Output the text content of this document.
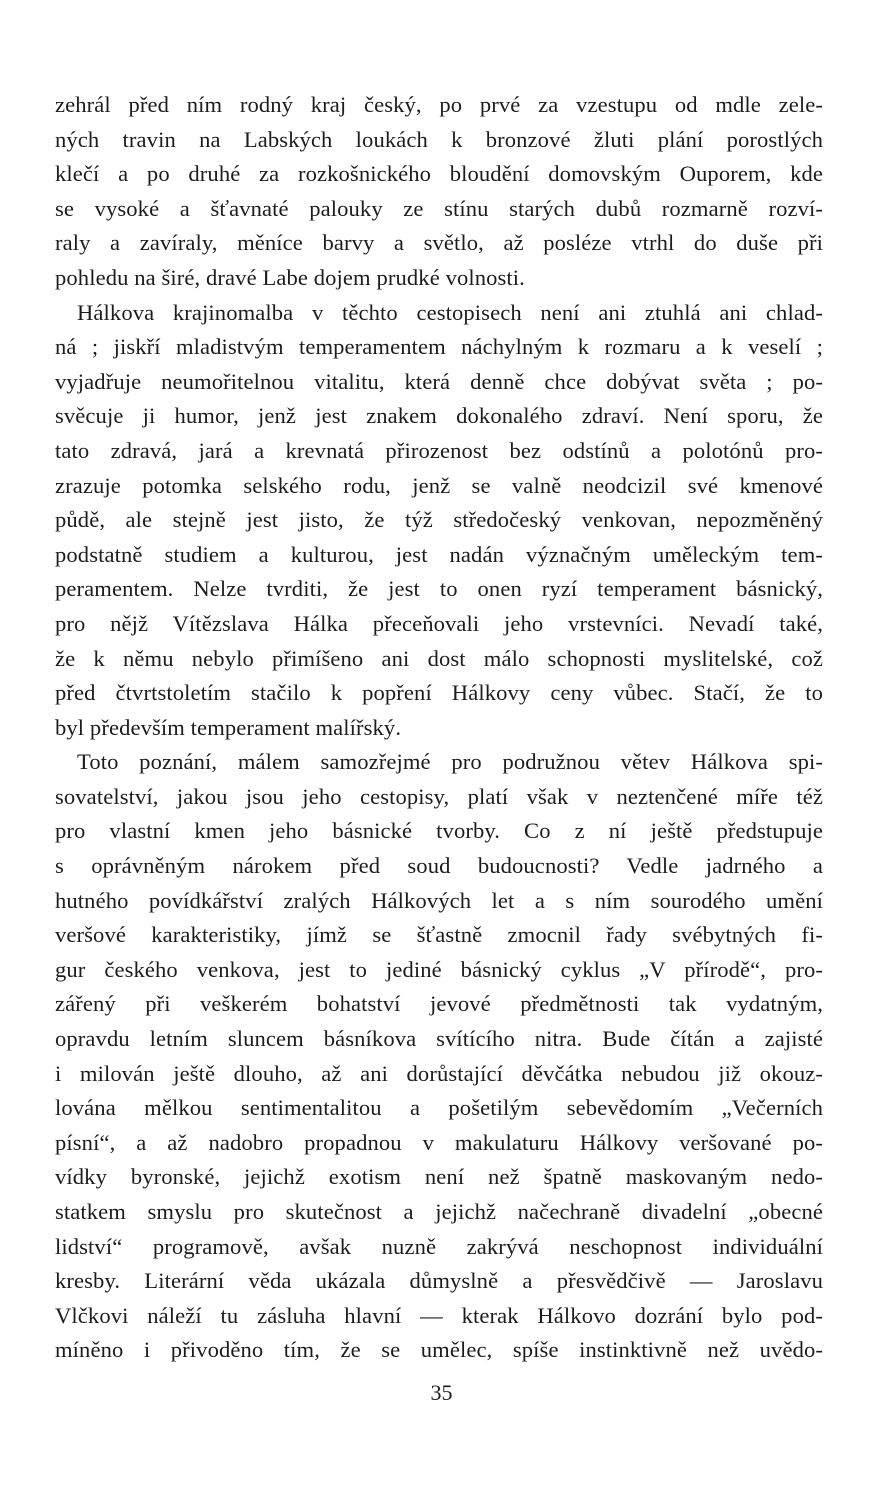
zehrál před ním rodný kraj český, po prvé za vzestupu od mdle zele-
ných travin na Labských loukách k bronzové žluti plání porostlých
klečí a po druhé za rozkošnického bloudění domovským Ouporem, kde
se vysoké a šťavnaté palouky ze stínu starých dubů rozmarně rozví-
raly a zavíraly, měníce barvy a světlo, až posléze vtrhl do duše při
pohledu na širé, dravé Labe dojem prudké volnosti.
Hálkova krajinomalba v těchto cestopisech není ani ztuhlá ani chlad-
ná ; jiskří mladistvým temperamentem náchylným k rozmaru a k veselí ;
vyjadřuje neumořitelnou vitalitu, která denně chce dobývat světa ; po-
svěcuje ji humor, jenž jest znakem dokonalého zdraví. Není sporu, že
tato zdravá, jará a krevnatá přirozenost bez odstínů a polotónů pro-
zrazuje potomka selského rodu, jenž se valně neodcizil své kmenové
půdě, ale stejně jest jisto, že týž středočeský venkovan, nepozměněný
podstatně studiem a kulturou, jest nadán význačným uměleckým tem-
peramentem. Nelze tvrditi, že jest to onen ryzí temperament básnický,
pro nějž Vítězslava Hálka přeceňovali jeho vrstevníci. Nevadí také,
že k němu nebylo přimíšeno ani dost málo schopnosti myslitelské, což
před čtvrtstoletím stačilo k popření Hálkovy ceny vůbec. Stačí, že to
byl především temperament malířský.
Toto poznání, málem samozřejmé pro podružnou větev Hálkova spi-
sovatelství, jakou jsou jeho cestopisy, platí však v neztenčené míře též
pro vlastní kmen jeho básnické tvorby. Co z ní ještě předstupuje
s oprávněným nárokem před soud budoucnosti? Vedle jadrného a
hutného povídkářství zralých Hálkových let a s ním sourodého umění
veršové karakteristiky, jímž se šťastně zmocnil řady svébytných fi-
gur českého venkova, jest to jediné básnický cyklus „V přírodě“, pro-
zářený při veškerém bohatství jevové předmětnosti tak vydatným,
opravdu letním sluncem básníkova svítícího nitra. Bude čítán a zajisté
i milován ještě dlouho, až ani dorůstající děvčátka nebudou již okouz-
lována mělkou sentimentalitou a pošetilým sebevědomím „Večerních
písní“, a až nadobro propadnou v makulaturu Hálkovy veršované po-
vídky byronské, jejichž exotism není než špatně maskovaným nedo-
statkem smyslu pro skutečnost a jejichž načechraně divadelní „obecné
lidství“ programově, avšak nuzně zakrývá neschopnost individuální
kresby. Literární věda ukázala důmyslně a přesvědčivě — Jaroslavu
Vlčkovi náleží tu zásluha hlavní — kterak Hálkovo dozrání bylo pod-
míněno i přivoděno tím, že se umělec, spíše instinktivně než uvědo-
35
